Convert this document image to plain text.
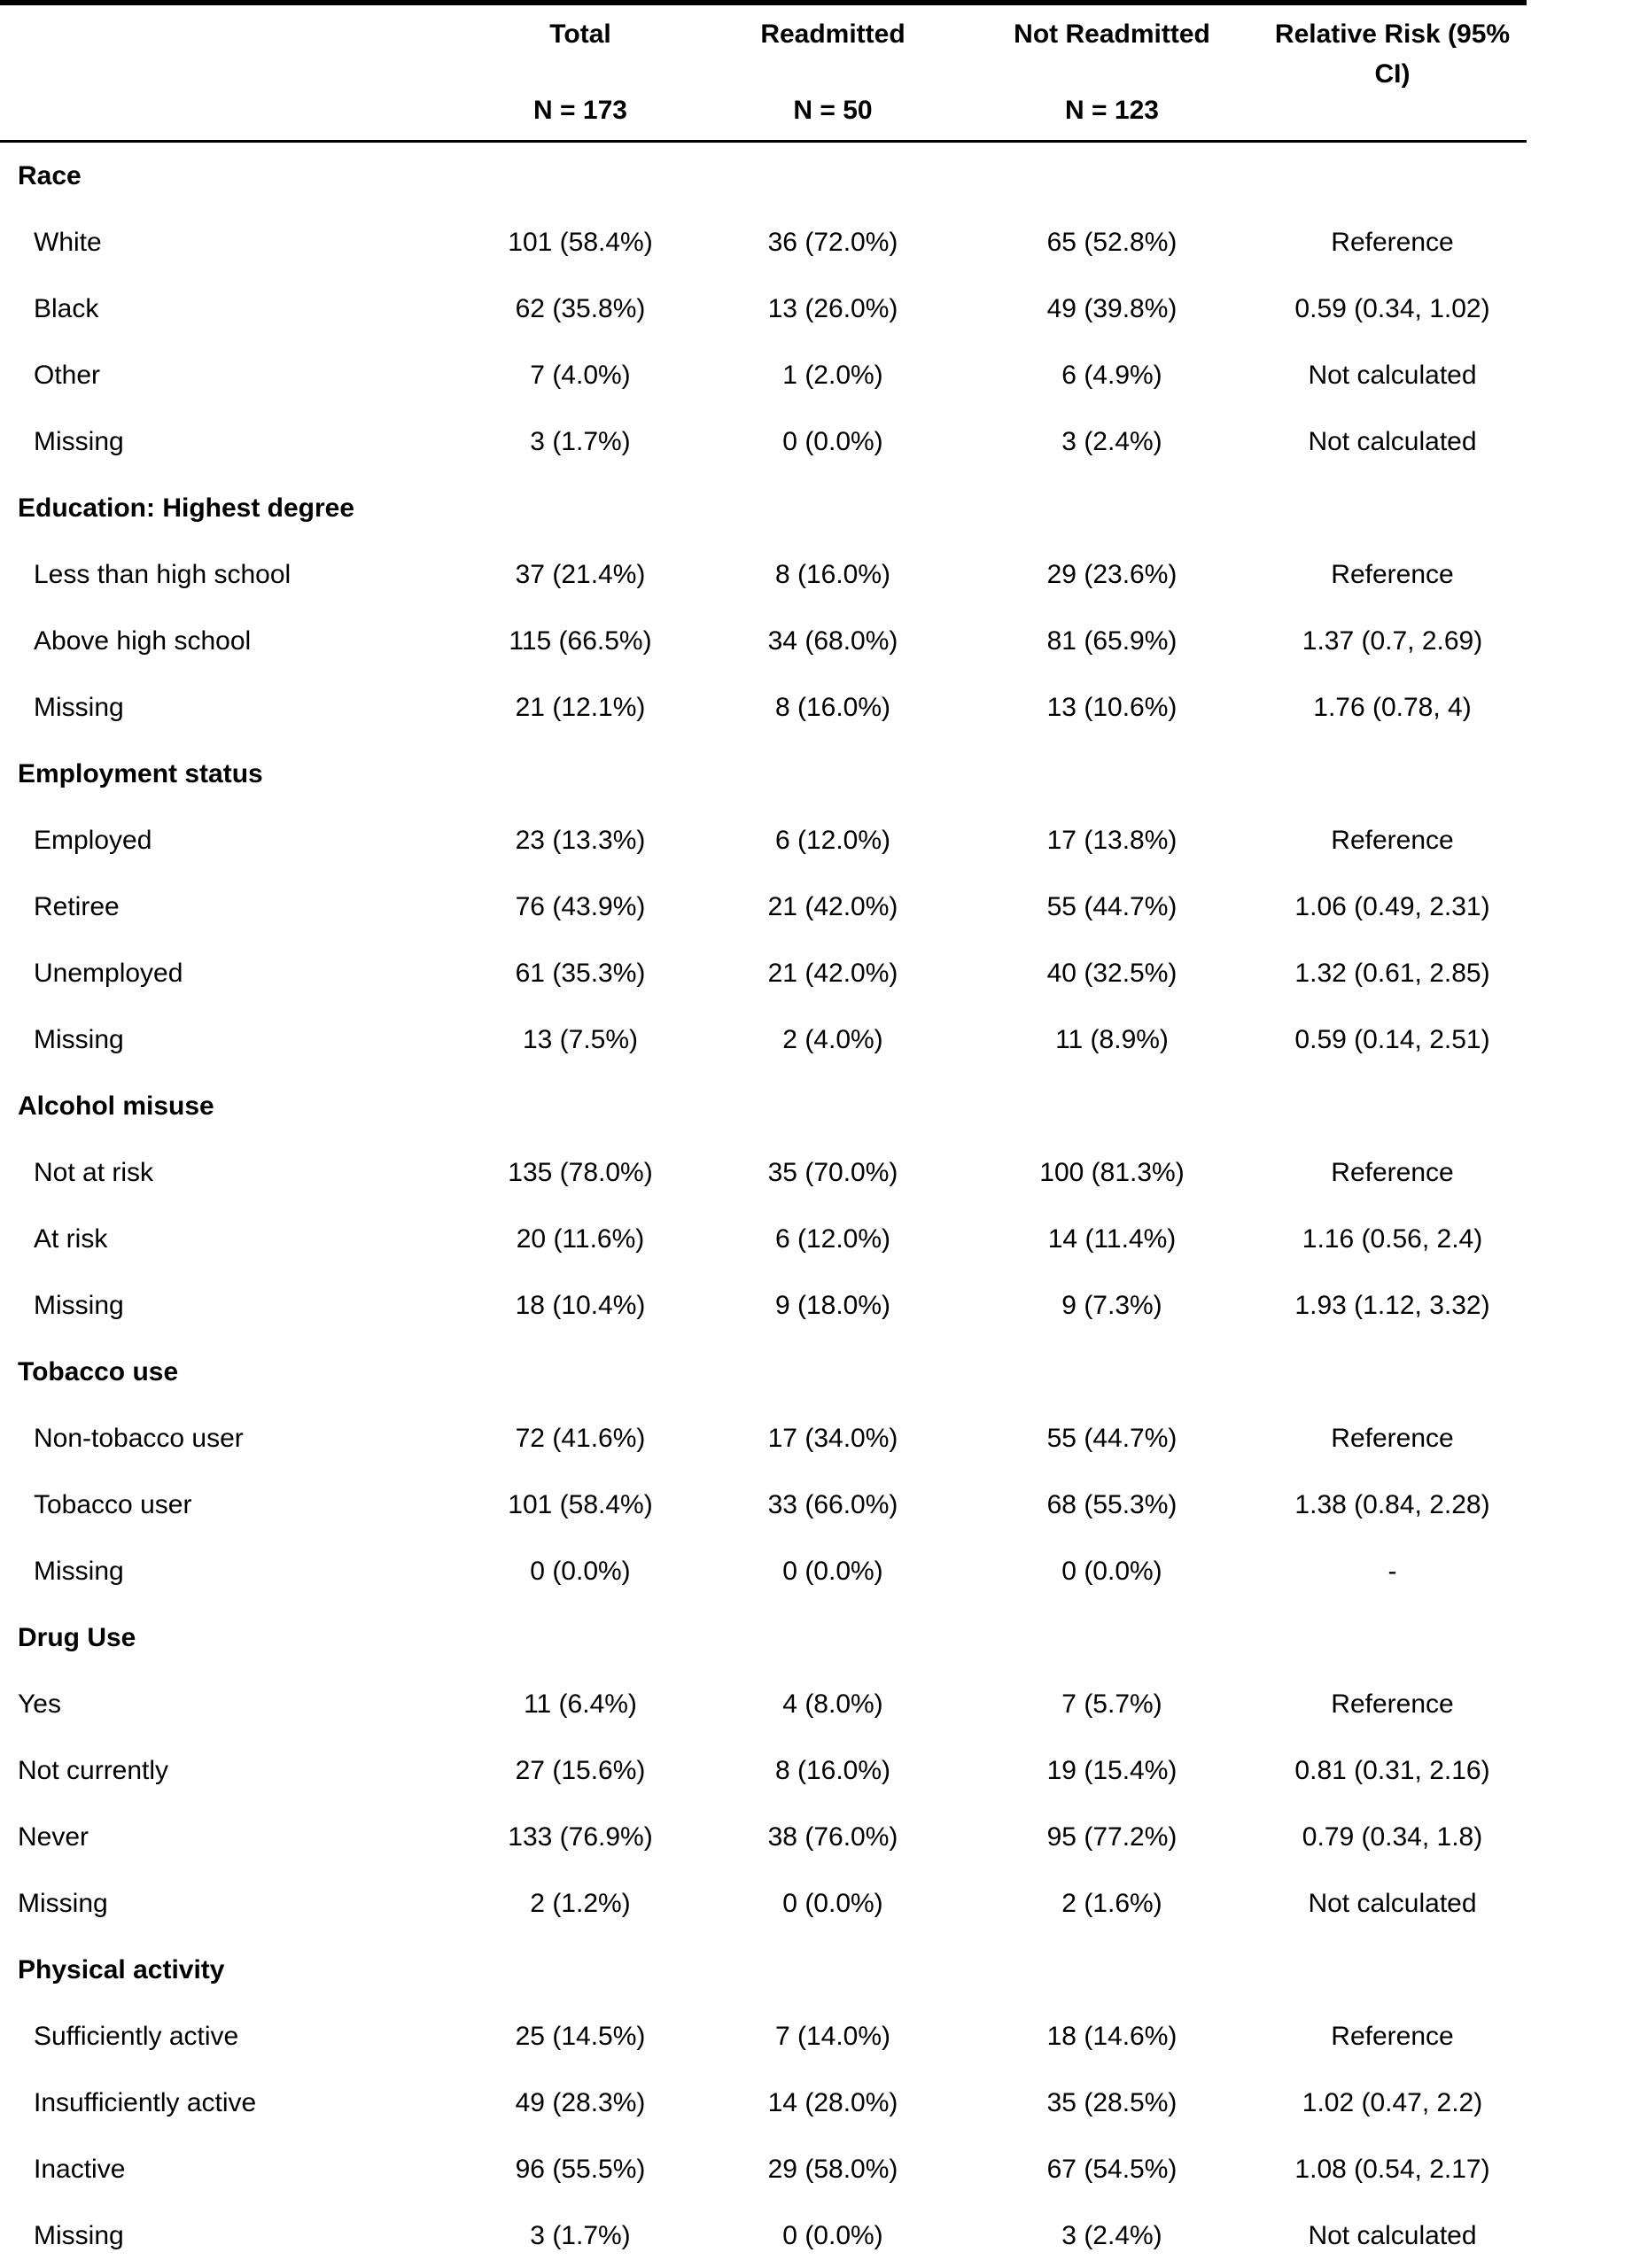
	Total	Readmitted	Not Readmitted	Relative Risk (95% CI)
	N = 173	N = 50	N = 123	
Race				
White	101 (58.4%)	36 (72.0%)	65 (52.8%)	Reference
Black	62 (35.8%)	13 (26.0%)	49 (39.8%)	0.59 (0.34, 1.02)
Other	7 (4.0%)	1 (2.0%)	6 (4.9%)	Not calculated
Missing	3 (1.7%)	0 (0.0%)	3 (2.4%)	Not calculated
Education: Highest degree				
Less than high school	37 (21.4%)	8 (16.0%)	29 (23.6%)	Reference
Above high school	115 (66.5%)	34 (68.0%)	81 (65.9%)	1.37 (0.7, 2.69)
Missing	21 (12.1%)	8 (16.0%)	13 (10.6%)	1.76 (0.78, 4)
Employment status				
Employed	23 (13.3%)	6 (12.0%)	17 (13.8%)	Reference
Retiree	76 (43.9%)	21 (42.0%)	55 (44.7%)	1.06 (0.49, 2.31)
Unemployed	61 (35.3%)	21 (42.0%)	40 (32.5%)	1.32 (0.61, 2.85)
Missing	13 (7.5%)	2 (4.0%)	11 (8.9%)	0.59 (0.14, 2.51)
Alcohol misuse				
Not at risk	135 (78.0%)	35 (70.0%)	100 (81.3%)	Reference
At risk	20 (11.6%)	6 (12.0%)	14 (11.4%)	1.16 (0.56, 2.4)
Missing	18 (10.4%)	9 (18.0%)	9 (7.3%)	1.93 (1.12, 3.32)
Tobacco use				
Non-tobacco user	72 (41.6%)	17 (34.0%)	55 (44.7%)	Reference
Tobacco user	101 (58.4%)	33 (66.0%)	68 (55.3%)	1.38 (0.84, 2.28)
Missing	0 (0.0%)	0 (0.0%)	0 (0.0%)	-
Drug Use				
Yes	11 (6.4%)	4 (8.0%)	7 (5.7%)	Reference
Not currently	27 (15.6%)	8 (16.0%)	19 (15.4%)	0.81 (0.31, 2.16)
Never	133 (76.9%)	38 (76.0%)	95 (77.2%)	0.79 (0.34, 1.8)
Missing	2 (1.2%)	0 (0.0%)	2 (1.6%)	Not calculated
Physical activity				
Sufficiently active	25 (14.5%)	7 (14.0%)	18 (14.6%)	Reference
Insufficiently active	49 (28.3%)	14 (28.0%)	35 (28.5%)	1.02 (0.47, 2.2)
Inactive	96 (55.5%)	29 (58.0%)	67 (54.5%)	1.08 (0.54, 2.17)
Missing	3 (1.7%)	0 (0.0%)	3 (2.4%)	Not calculated
